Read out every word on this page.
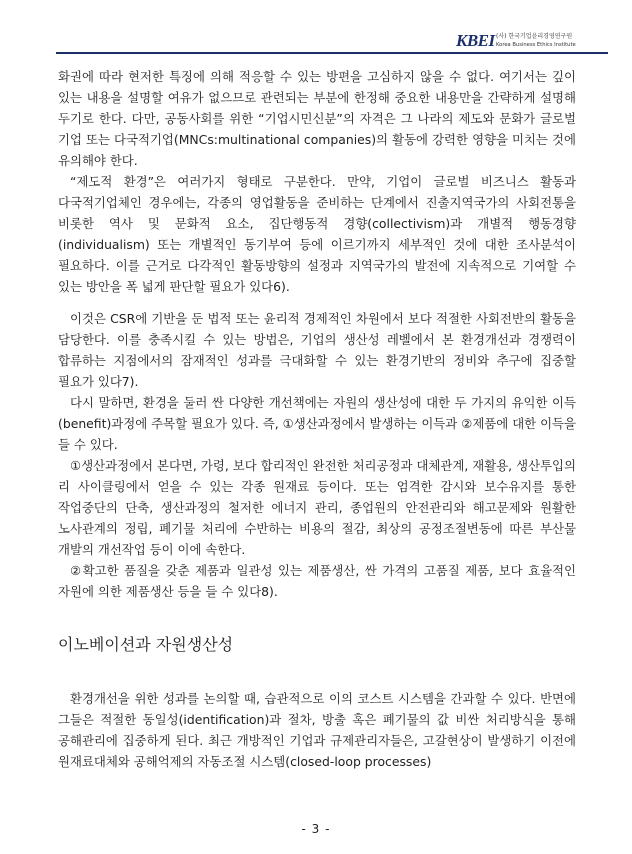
KBEI (사) 한국기업윤리경영연구원
Korea Business Ethics Institute

화권에 따라 현저한 특징에 의해 적응할 수 있는 방편을 고심하지 않을 수 없다. 여기서는 깊이 있는 내용을 설명할 여유가 없으므로 관련되는 부분에 한정해 중요한 내용만을 간략하게 설명해 두기로 한다. 다만, 공동사회를 위한 “기업시민신분”의 자격은 그 나라의 제도와 문화가 글로벌 기업 또는 다국적기업(MNCs:multinational companies)의 활동에 강력한 영향을 미치는 것에 유의해야 한다.

“제도적 환경”은 여러가지 형태로 구분한다. 만약, 기업이 글로벌 비즈니스 활동과 다국적기업체인 경우에는, 각종의 영업활동을 준비하는 단계에서 진출지역국가의 사회전통을 비롯한 역사 및 문화적 요소, 집단행동적 경향(collectivism)과 개별적 행동경향(individualism) 또는 개별적인 동기부여 등에 이르기까지 세부적인 것에 대한 조사분석이 필요하다. 이를 근거로 다각적인 활동방향의 설정과 지역국가의 발전에 지속적으로 기여할 수 있는 방안을 폭 넓게 판단할 필요가 있다6).

이것은 CSR에 기반을 둔 법적 또는 윤리적 경제적인 차원에서 보다 적절한 사회전반의 활동을 담당한다. 이를 충족시킬 수 있는 방법은, 기업의 생산성 레벨에서 본 환경개선과 경쟁력이 합류하는 지점에서의 잠재적인 성과를 극대화할 수 있는 환경기반의 정비와 추구에 집중할 필요가 있다7).

다시 말하면, 환경을 둘러 싼 다양한 개선책에는 자원의 생산성에 대한 두 가지의 유익한 이득(benefit)과정에 주목할 필요가 있다. 즉, ①생산과정에서 발생하는 이득과 ②제품에 대한 이득을 들 수 있다.

①생산과정에서 본다면, 가령, 보다 합리적인 완전한 처리공정과 대체관계, 재활용, 생산투입의 리 사이클링에서 얻을 수 있는 각종 원재료 등이다. 또는 엄격한 감시와 보수유지를 통한 작업중단의 단축, 생산과정의 철저한 에너지 관리, 종업원의 안전관리와 해고문제와 원활한 노사관계의 정립, 폐기물 처리에 수반하는 비용의 절감, 최상의 공정조절변동에 따른 부산물 개발의 개선작업 등이 이에 속한다.

②확고한 품질을 갖춘 제품과 일관성 있는 제품생산, 싼 가격의 고품질 제품, 보다 효율적인 자원에 의한 제품생산 등을 들 수 있다8).

이노베이션과 자원생산성

환경개선을 위한 성과를 논의할 때, 습관적으로 이의 코스트 시스템을 간과할 수 있다. 반면에 그들은 적절한 동일성(identification)과 절차, 방출 혹은 폐기물의 값 비싼 처리방식을 통해 공해관리에 집중하게 된다. 최근 개방적인 기업과 규제관리자들은, 고갈현상이 발생하기 이전에 원재료대체와 공해억제의 자동조절 시스템(closed-loop processes)

- 3 -
